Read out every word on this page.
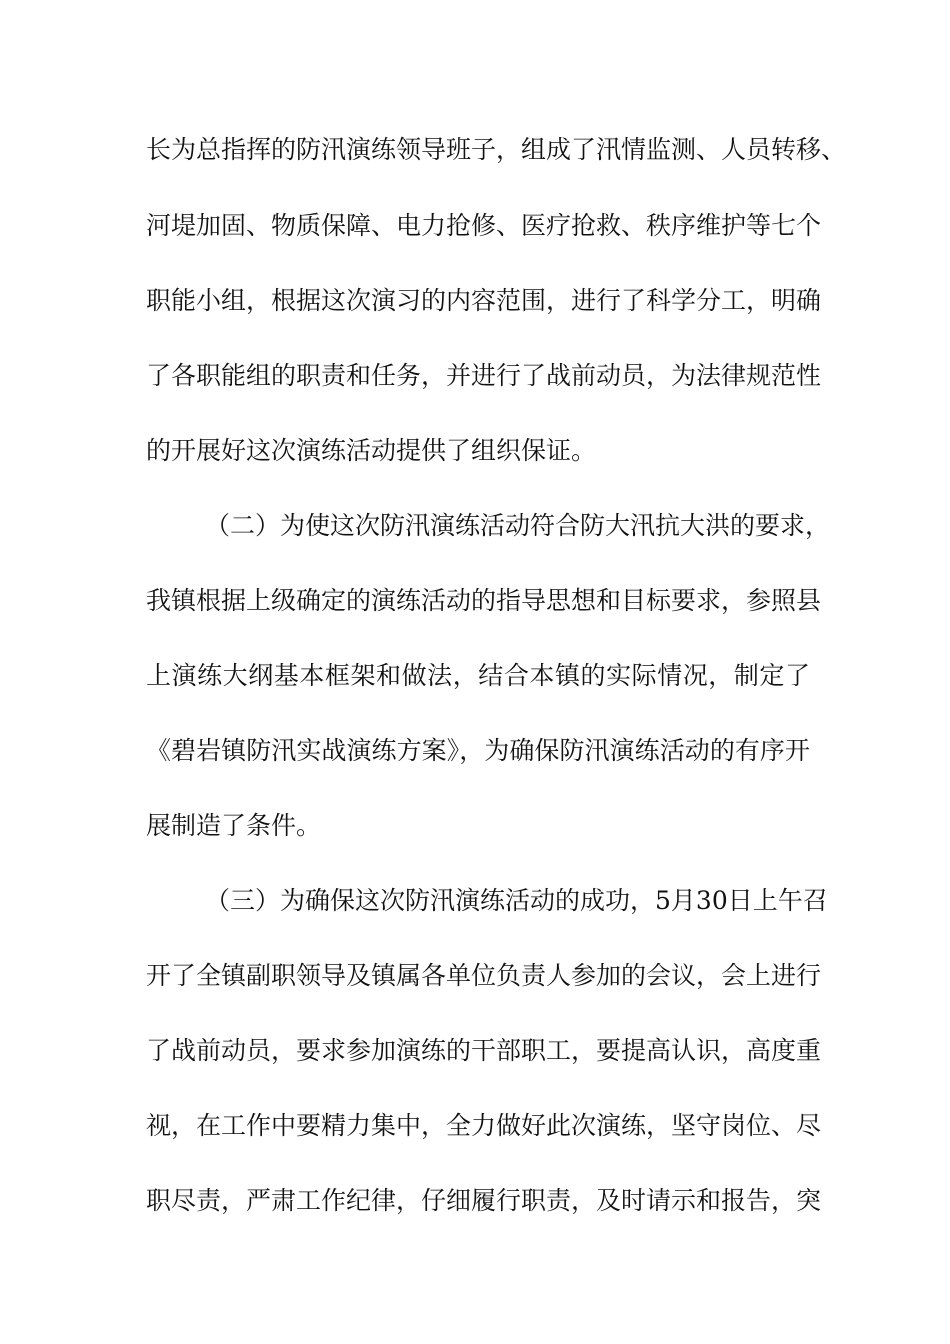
长为总指挥的防汛演练领导班子，组成了汛情监测、人员转移、
河堤加固、物质保障、电力抢修、医疗抢救、秩序维护等七个
职能小组，根据这次演习的内容范围，进行了科学分工，明确
了各职能组的职责和任务，并进行了战前动员，为法律规范性
的开展好这次演练活动提供了组织保证。
（二）为使这次防汛演练活动符合防大汛抗大洪的要求，
我镇根据上级确定的演练活动的指导思想和目标要求，参照县
上演练大纲基本框架和做法，结合本镇的实际情况，制定了
《碧岩镇防汛实战演练方案》，为确保防汛演练活动的有序开
展制造了条件。
（三）为确保这次防汛演练活动的成功，5月30日上午召
开了全镇副职领导及镇属各单位负责人参加的会议，会上进行
了战前动员，要求参加演练的干部职工，要提高认识，高度重
视，在工作中要精力集中，全力做好此次演练，坚守岗位、尽
职尽责，严肃工作纪律，仔细履行职责，及时请示和报告，突
